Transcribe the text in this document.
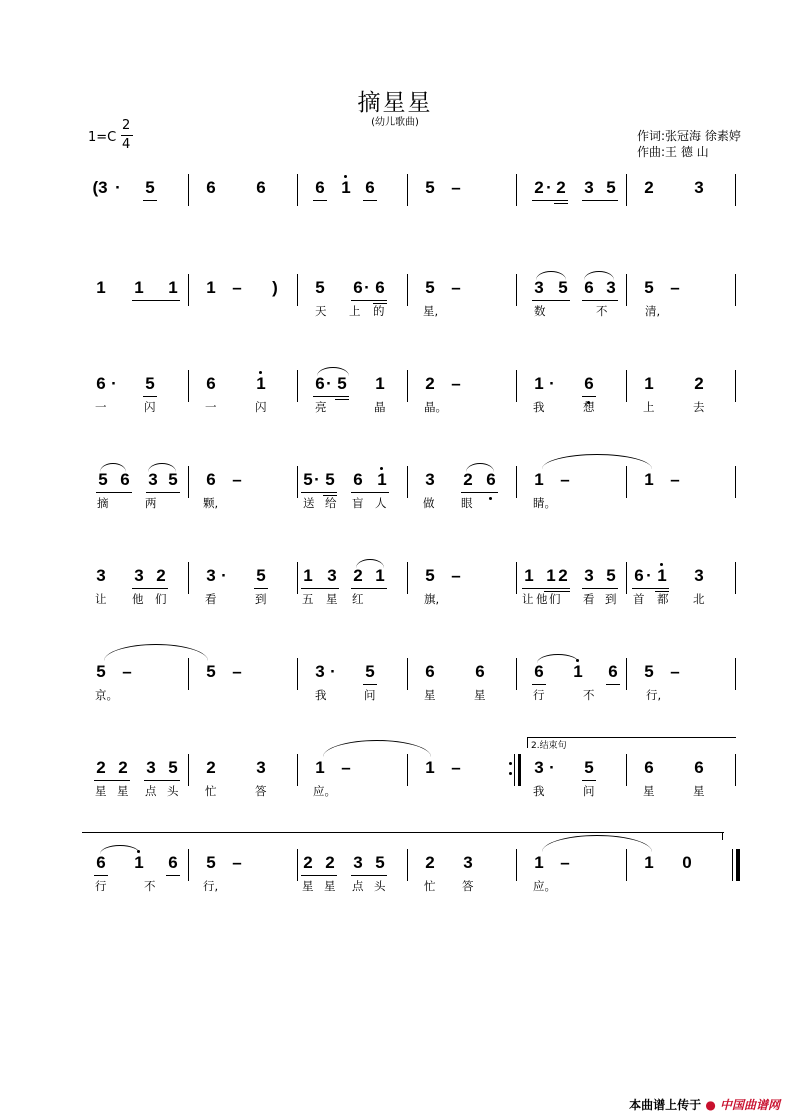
摘星星
(幼儿歌曲)
1=C
2
4
作词:张冠海 徐素婷
作曲:王 德 山
(3 · 5	6 6	6 1 6	5 –	2 · 2 3 5 2 3
1 1 1 1 – ) 5 6 · 6 5 –	3 5 6 3 5 –
天 上 的	星,	数	不	清,
6 · 5	6 1	6 · 5 1 2 –	1 · 6	1 2
一	闪	一	闪	亮	晶	晶。	我	想	上	去
5 6 3 5 6 –	5 · 5 6 1 3 2 6 1 –	1 –
摘	两	颗,	送 给 盲 人	做 眼	睛。
3 3 2 3 · 5 1 3 2 1 5 –	1 1 2 3 5 6 · 1 3
让 他 们	看	到	五 星 红	旗,	让 他 们 看 到 首 都 北
5 –	5 –	3 · 5	6 6	6 1 6 5 –
京。	我	问	星	星	行	不	行,
2.结束句
2 2 3 5 2 3	1 –	1 –	3 · 5	6 6
星 星 点 头 忙	答	应。	我	问	星	星
6 1 6 5 –	2 2 3 5 2 3	1 –	1 0
行	不	行,	星 星 点 头	忙 答	应。
本曲谱上传于 ● 中国曲谱网
